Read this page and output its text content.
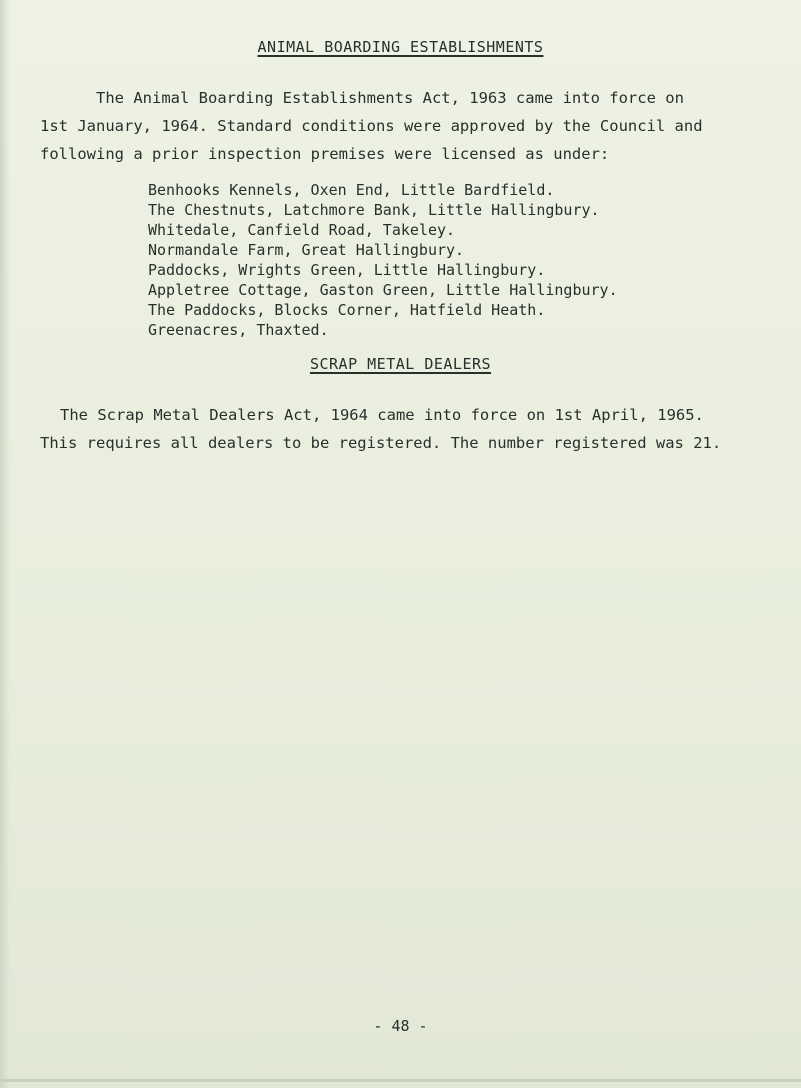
ANIMAL BOARDING ESTABLISHMENTS
The Animal Boarding Establishments Act, 1963 came into force on
1st January, 1964. Standard conditions were approved by the Council and
following a prior inspection premises were licensed as under:
Benhooks Kennels, Oxen End, Little Bardfield.
The Chestnuts, Latchmore Bank, Little Hallingbury.
Whitedale, Canfield Road, Takeley.
Normandale Farm, Great Hallingbury.
Paddocks, Wrights Green, Little Hallingbury.
Appletree Cottage, Gaston Green, Little Hallingbury.
The Paddocks, Blocks Corner, Hatfield Heath.
Greenacres, Thaxted.
SCRAP METAL DEALERS
The Scrap Metal Dealers Act, 1964 came into force on 1st April, 1965.
This requires all dealers to be registered. The number registered was 21.
- 48 -
